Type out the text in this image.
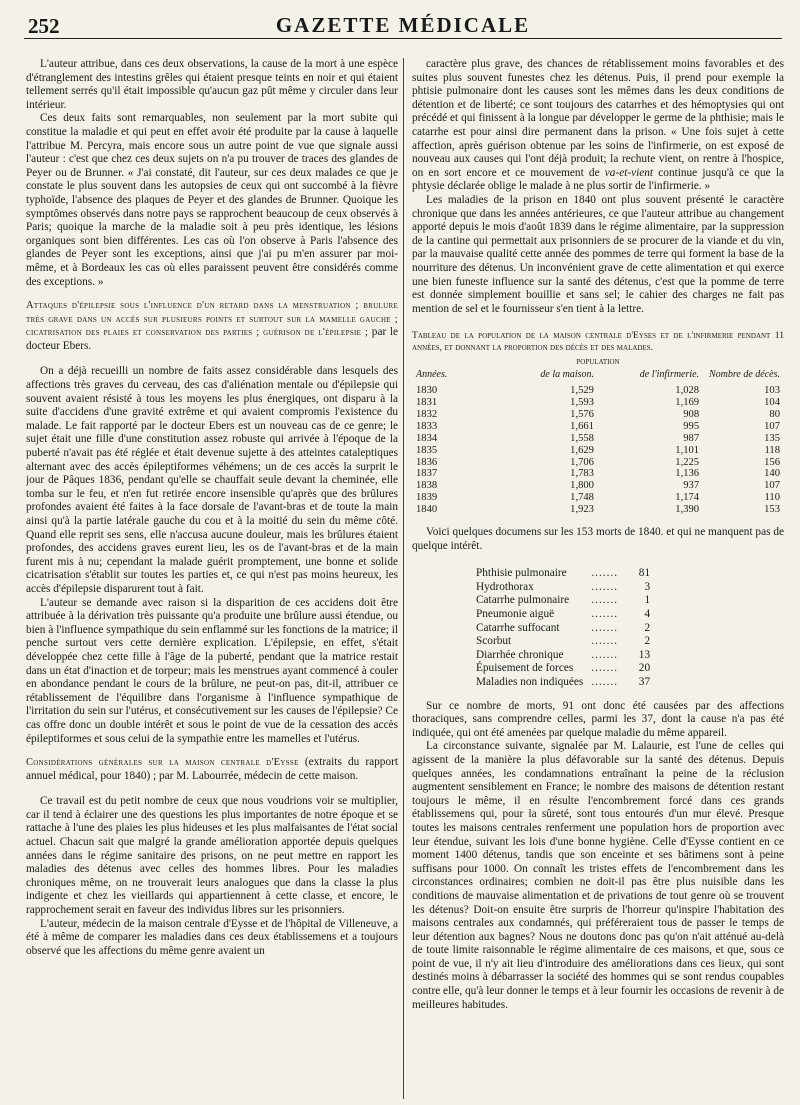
252	GAZETTE MÉDICALE

L'auteur attribue, dans ces deux observations, la cause de la mort à une espèce d'étranglement des intestins grêles qui étaient presque teints en noir et qui étaient tellement serrés qu'il était impossible qu'aucun gaz pût même y circuler dans leur intérieur.

Ces deux faits sont remarquables, non seulement par la mort subite qui constitue la maladie et qui peut en effet avoir été produite par la cause à laquelle l'attribue M. Percyra, mais encore sous un autre point de vue que signale aussi l'auteur : c'est que chez ces deux sujets on n'a pu trouver de traces des glandes de Peyer ou de Brunner. « J'ai constaté, dit l'auteur, sur ces deux malades ce que je constate le plus souvent dans les autopsies de ceux qui ont succombé à la fièvre typhoïde, l'absence des plaques de Peyer et des glandes de Brunner. Quoique les symptômes observés dans notre pays se rapprochent beaucoup de ceux observés à Paris; quoique la marche de la maladie soit à peu près identique, les lésions organiques sont bien différentes. Les cas où l'on observe à Paris l'absence des glandes de Peyer sont les exceptions, ainsi que j'ai pu m'en assurer par moi-même, et à Bordeaux les cas où elles paraissent peuvent être considérés comme des exceptions. »

Attaques d'épilepsie sous l'influence d'un retard dans la menstruation ; brulure très grave dans un accès sur plusieurs points et surtout sur la mamelle gauche ; cicatrisation des plaies et conservation des parties ; guérison de l'épilepsie ; par le docteur Ebers.

On a déjà recueilli un nombre de faits assez considérable dans lesquels des affections très graves du cerveau, des cas d'aliénation mentale ou d'épilepsie qui souvent avaient résisté à tous les moyens les plus énergiques, ont disparu à la suite d'accidens d'une gravité extrême et qui avaient compromis l'existence du malade. Le fait rapporté par le docteur Ebers est un nouveau cas de ce genre; le sujet était une fille d'une constitution assez robuste qui arrivée à l'époque de la puberté n'avait pas été réglée et était devenue sujette à des atteintes cataleptiques alternant avec des accès épileptiformes véhémens; un de ces accès la surprit le jour de Pâques 1836, pendant qu'elle se chauffait seule devant la cheminée, elle tomba sur le feu, et n'en fut retirée encore insensible qu'après que des brûlures profondes avaient été faites à la face dorsale de l'avant-bras et de toute la main ainsi qu'à la partie latérale gauche du cou et à la moitié du sein du même côté. Quand elle reprit ses sens, elle n'accusa aucune douleur, mais les brûlures étaient profondes, des accidens graves eurent lieu, les os de l'avant-bras et de la main furent mis à nu; cependant la malade guérit promptement, une bonne et solide cicatrisation s'établit sur toutes les parties et, ce qui n'est pas moins heureux, les accès d'épilepsie disparurent tout à fait.

L'auteur se demande avec raison si la disparition de ces accidens doit être attribuée à la dérivation très puissante qu'a produite une brûlure aussi étendue, ou bien à l'influence sympathique du sein enflammé sur les fonctions de la matrice; il penche surtout vers cette dernière explication. L'épilepsie, en effet, s'était développée chez cette fille à l'âge de la puberté, pendant que la matrice restait dans un état d'inaction et de torpeur; mais les menstrues ayant commencé à couler en abondance pendant le cours de la brûlure, ne peut-on pas, dit-il, attribuer ce rétablissement de l'équilibre dans l'organisme à l'influence sympathique de l'irritation du sein sur l'utérus, et consécutivement sur les causes de l'épilepsie? Ce cas offre donc un double intérêt et sous le point de vue de la cessation des accès épileptiformes et sous celui de la sympathie entre les mamelles et l'utérus.

Considérations générales sur la maison centrale d'Eysse (extraits du rapport annuel médical, pour 1840) ; par M. Labourrée, médecin de cette maison.

Ce travail est du petit nombre de ceux que nous voudrions voir se multiplier, car il tend à éclairer une des questions les plus importantes de notre époque et se rattache à l'une des plaies les plus hideuses et les plus malfaisantes de l'état social actuel. Chacun sait que malgré la grande amélioration apportée depuis quelques années dans le régime sanitaire des prisons, on ne peut mettre en rapport les maladies des détenus avec celles des hommes libres. Pour les maladies chroniques même, on ne trouverait leurs analogues que dans la classe la plus indigente et chez les vieillards qui appartiennent à cette classe, et encore, le rapprochement serait en faveur des individus libres sur les prisonniers.

L'auteur, médecin de la maison centrale d'Eysse et de l'hôpital de Villeneuve, a été à même de comparer les maladies dans ces deux établissemens et a toujours observé que les affections du même genre avaient un

caractère plus grave, des chances de rétablissement moins favorables et des suites plus souvent funestes chez les détenus. Puis, il prend pour exemple la phtisie pulmonaire dont les causes sont les mêmes dans les deux conditions de détention et de liberté; ce sont toujours des catarrhes et des hémoptysies qui ont précédé et qui finissent à la longue par développer le germe de la phthisie; mais le catarrhe est pour ainsi dire permanent dans la prison. « Une fois sujet à cette affection, après guérison obtenue par les soins de l'infirmerie, on est exposé de nouveau aux causes qui l'ont déjà produit; la rechute vient, on rentre à l'hospice, on en sort encore et ce mouvement de va-et-vient continue jusqu'à ce que la phtysie déclarée oblige le malade à ne plus sortir de l'infirmerie. »

Les maladies de la prison en 1840 ont plus souvent présenté le caractère chronique que dans les années antérieures, ce que l'auteur attribue au changement apporté depuis le mois d'août 1839 dans le régime alimentaire, par la suppression de la cantine qui permettait aux prisonniers de se procurer de la viande et du vin, par la mauvaise qualité cette année des pommes de terre qui forment la base de la nourriture des détenus. Un inconvénient grave de cette alimentation et qui exerce une bien funeste influence sur la santé des détenus, c'est que la pomme de terre est donnée simplement bouillie et sans sel; le cahier des charges ne fait pas mention de sel et le fournisseur s'en tient à la lettre.

Tableau de la population de la maison centrale d'Eyses et de l'infirmerie pendant 11 années, et donnant la proportion des décès et des malades.

	population		
Années.	de la maison.	de l'infirmerie.	Nombre de décès.
1830	1,529	1,028	103
1831	1,593	1,169	104
1832	1,576	908	80
1833	1,661	995	107
1834	1,558	987	135
1835	1,629	1,101	118
1836	1,706	1,225	156
1837	1,783	1,136	140
1838	1,800	937	107
1839	1,748	1,174	110
1840	1,923	1,390	153

Voici quelques documens sur les 153 morts de 1840. et qui ne manquent pas de quelque intérêt.

Phthisie pulmonaire	.......	81
Hydrothorax	.......	3
Catarrhe pulmonaire	.......	1
Pneumonie aiguë	.......	4
Catarrhe suffocant	.......	2
Scorbut	.......	2
Diarrhée chronique	.......	13
Épuisement de forces	.......	20
Maladies non indiquées	.......	37

Sur ce nombre de morts, 91 ont donc été causées par des affections thoraciques, sans comprendre celles, parmi les 37, dont la cause n'a pas été indiquée, qui ont été amenées par quelque maladie du même appareil.

La circonstance suivante, signalée par M. Lalaurie, est l'une de celles qui agissent de la manière la plus défavorable sur la santé des détenus. Depuis quelques années, les condamnations entraînant la peine de la réclusion augmentent sensiblement en France; le nombre des maisons de détention restant toujours le même, il en résulte l'encombrement forcé dans ces grands établissemens qui, pour la sûreté, sont tous entourés d'un mur élevé. Presque toutes les maisons centrales renferment une population hors de proportion avec leur étendue, suivant les lois d'une bonne hygiène. Celle d'Eysse contient en ce moment 1400 détenus, tandis que son enceinte et ses bâtimens sont à peine suffisans pour 1000. On connaît les tristes effets de l'encombrement dans les circonstances ordinaires; combien ne doit-il pas être plus nuisible dans les conditions de mauvaise alimentation et de privations de tout genre où se trouvent les détenus? Doit-on ensuite être surpris de l'horreur qu'inspire l'habitation des maisons centrales aux condamnés, qui préféreraient tous de passer le temps de leur détention aux bagnes? Nous ne doutons donc pas qu'on n'ait atténué au-delà de toute limite raisonnable le régime alimentaire de ces maisons, et que, sous ce point de vue, il n'y ait lieu d'introduire des améliorations dans ces lieux, qui sont destinés moins à débarrasser la société des hommes qui se sont rendus coupables contre elle, qu'à leur donner le temps et à leur fournir les occasions de revenir à de meilleures habitudes.
